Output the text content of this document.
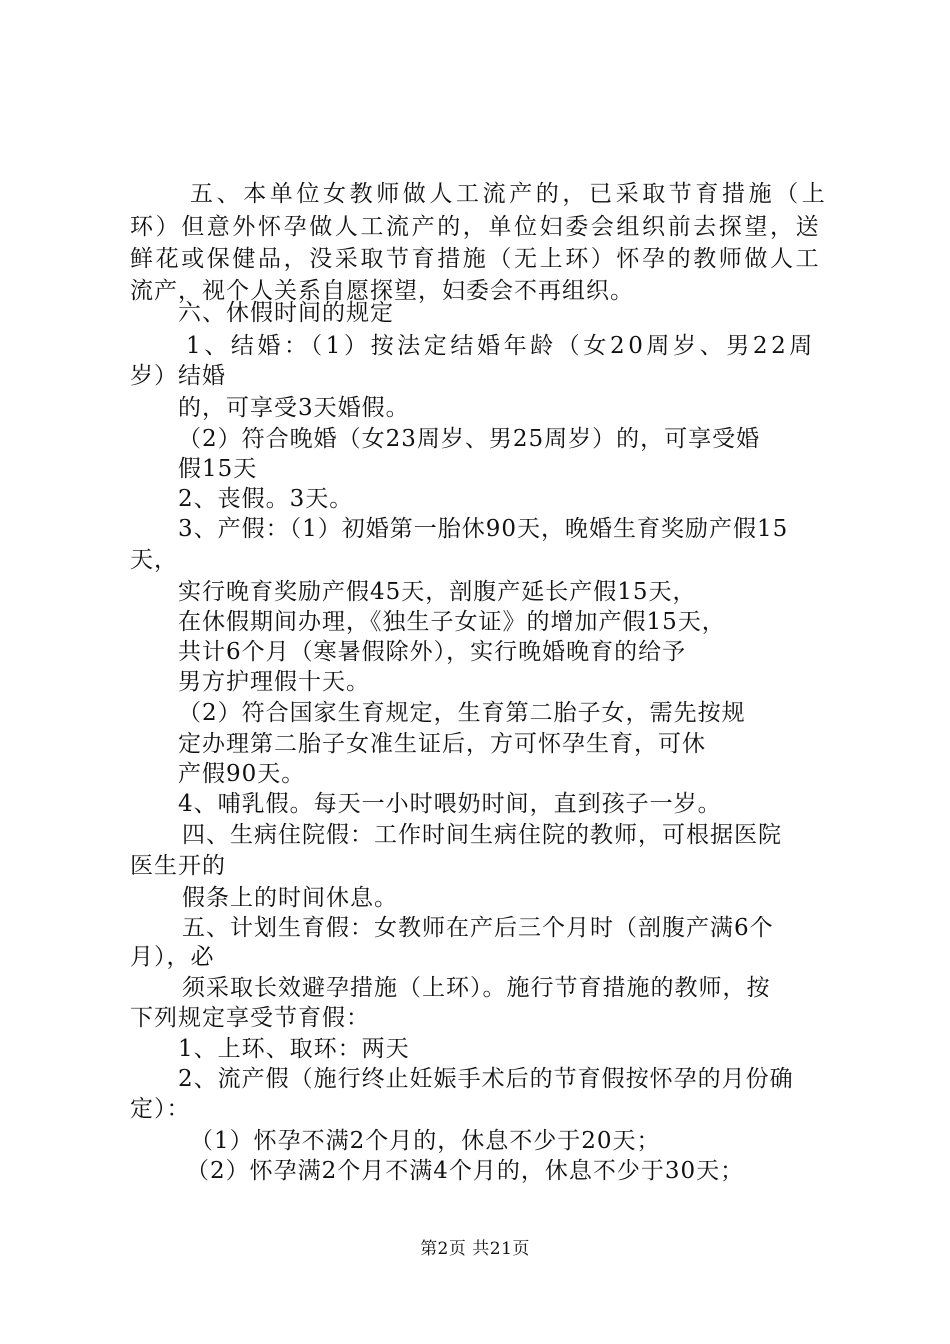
五、本单位女教师做人工流产的，已采取节育措施（上
环）但意外怀孕做人工流产的，单位妇委会组织前去探望，送
鲜花或保健品，没采取节育措施（无上环）怀孕的教师做人工
流产，视个人关系自愿探望，妇委会不再组织。
六、休假时间的规定
1、结婚：（1）按法定结婚年龄（女20周岁、男22周
岁）结婚
的，可享受3天婚假。
（2）符合晚婚（女23周岁、男25周岁）的，可享受婚
假15天
2、丧假。3天。
3、产假：（1）初婚第一胎休90天，晚婚生育奖励产假15
天，
实行晚育奖励产假45天，剖腹产延长产假15天，
在休假期间办理，《独生子女证》的增加产假15天，
共计6个月（寒暑假除外），实行晚婚晚育的给予
男方护理假十天。
（2）符合国家生育规定，生育第二胎子女，需先按规
定办理第二胎子女准生证后，方可怀孕生育，可休
产假90天。
4、哺乳假。每天一小时喂奶时间，直到孩子一岁。
四、生病住院假：工作时间生病住院的教师，可根据医院
医生开的
假条上的时间休息。
五、计划生育假：女教师在产后三个月时（剖腹产满6个
月），必
须采取长效避孕措施（上环）。施行节育措施的教师，按
下列规定享受节育假：
1、上环、取环：两天
2、流产假（施行终止妊娠手术后的节育假按怀孕的月份确
定）：
（1）怀孕不满2个月的，休息不少于20天；
（2）怀孕满2个月不满4个月的，休息不少于30天；
第2页 共21页
